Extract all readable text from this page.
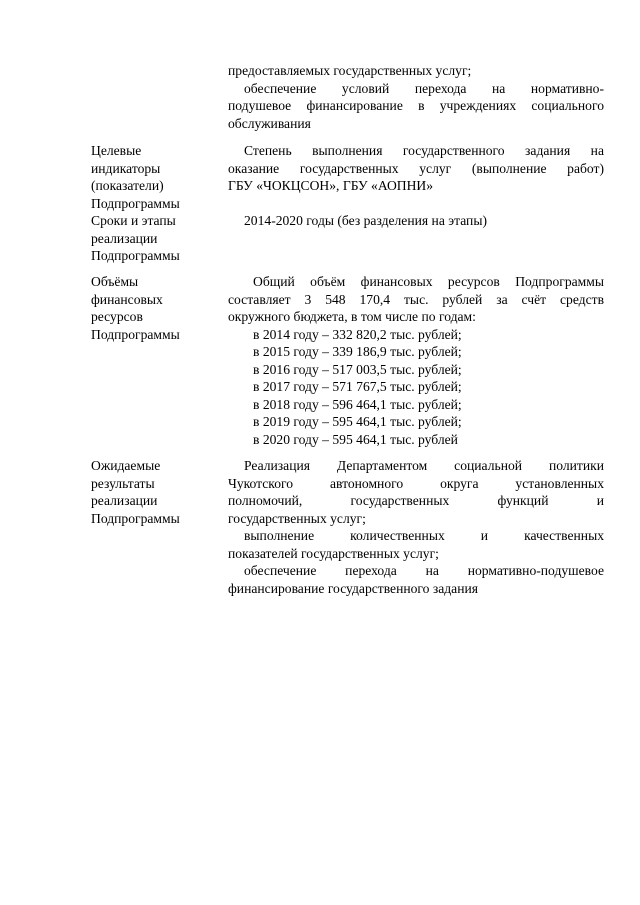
предоставляемых государственных услуг;
обеспечение условий перехода на нормативно-
подушевое финансирование в учреждениях социального
обслуживания
Целевые
индикаторы
(показатели)
Подпрограммы
Степень выполнения государственного задания на
оказание государственных услуг (выполнение работ)
ГБУ «ЧОКЦСОН», ГБУ «АОПНИ»
Сроки и этапы
реализации
Подпрограммы
2014-2020 годы (без разделения на этапы)
Объёмы
финансовых
ресурсов
Подпрограммы
Общий объём финансовых ресурсов Подпрограммы
составляет 3 548 170,4 тыс. рублей за счёт средств
окружного бюджета, в том числе по годам:
в 2014 году – 332 820,2 тыс. рублей;
в 2015 году – 339 186,9 тыс. рублей;
в 2016 году – 517 003,5 тыс. рублей;
в 2017 году – 571 767,5 тыс. рублей;
в 2018 году – 596 464,1 тыс. рублей;
в 2019 году – 595 464,1 тыс. рублей;
в 2020 году – 595 464,1 тыс. рублей
Ожидаемые
результаты
реализации
Подпрограммы
Реализация Департаментом социальной политики
Чукотского автономного округа установленных
полномочий, государственных функций и
государственных услуг;
выполнение количественных и качественных
показателей государственных услуг;
обеспечение перехода на нормативно-подушевое
финансирование государственного задания
